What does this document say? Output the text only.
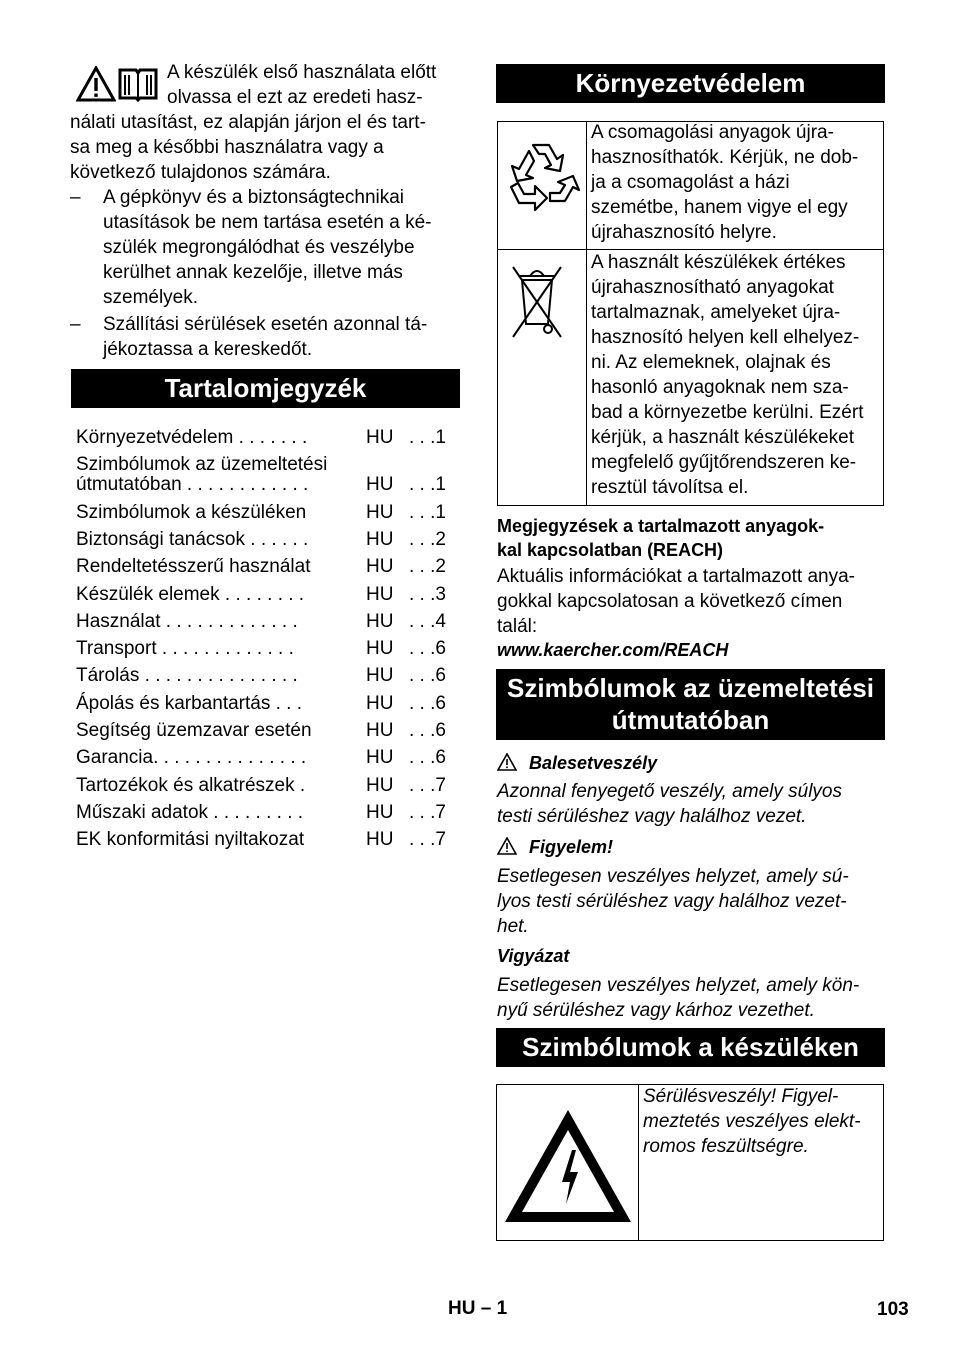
A készülék első használata előtt
olvassa el ezt az eredeti hasz-
nálati utasítást, ez alapján járjon el és tart-
sa meg a későbbi használatra vagy a
következő tulajdonos számára.
– A gépkönyv és a biztonságtechnikai
utasítások be nem tartása esetén a ké-
szülék megrongálódhat és veszélybe
kerülhet annak kezelője, illetve más
személyek.
– Szállítási sérülések esetén azonnal tá-
jékoztassa a kereskedőt.
Tartalomjegyzék
Környezetvédelem . . . . . . .	HU . . .1
Szimbólumok az üzemeltetési
útmutatóban . . . . . . . . . . . .	HU . . .1
Szimbólumok a készüléken	HU . . .1
Biztonsági tanácsok . . . . . .	HU . . .2
Rendeltetésszerű használat	HU . . .2
Készülék elemek . . . . . . . .	HU . . .3
Használat . . . . . . . . . . . . .	HU . . .4
Transport . . . . . . . . . . . . .	HU . . .6
Tárolás . . . . . . . . . . . . . . .	HU . . .6
Ápolás és karbantartás . . .	HU . . .6
Segítség üzemzavar esetén	HU . . .6
Garancia. . . . . . . . . . . . . . .	HU . . .6
Tartozékok és alkatrészek .	HU . . .7
Műszaki adatok . . . . . . . . .	HU . . .7
EK konformitási nyiltakozat	HU . . .7
Környezetvédelem
A csomagolási anyagok újra-
hasznosíthatók. Kérjük, ne dob-
ja a csomagolást a házi
szemétbe, hanem vigye el egy
újrahasznosító helyre.
A használt készülékek értékes
újrahasznosítható anyagokat
tartalmaznak, amelyeket újra-
hasznosító helyen kell elhelyez-
ni. Az elemeknek, olajnak és
hasonló anyagoknak nem sza-
bad a környezetbe kerülni. Ezért
kérjük, a használt készülékeket
megfelelő gyűjtőrendszeren ke-
resztül távolítsa el.
Megjegyzések a tartalmazott anyagok-
kal kapcsolatban (REACH)
Aktuális információkat a tartalmazott anya-
gokkal kapcsolatosan a következő címen
talál:
www.kaercher.com/REACH
Szimbólumok az üzemeltetési
útmutatóban
Balesetveszély
Azonnal fenyegető veszély, amely súlyos
testi sérüléshez vagy halálhoz vezet.
Figyelem!
Esetlegesen veszélyes helyzet, amely sú-
lyos testi sérüléshez vagy halálhoz vezet-
het.
Vigyázat
Esetlegesen veszélyes helyzet, amely kön-
nyű sérüléshez vagy kárhoz vezethet.
Szimbólumok a készüléken
Sérülésveszély! Figyel-
meztetés veszélyes elekt-
romos feszültségre.
HU – 1	103
